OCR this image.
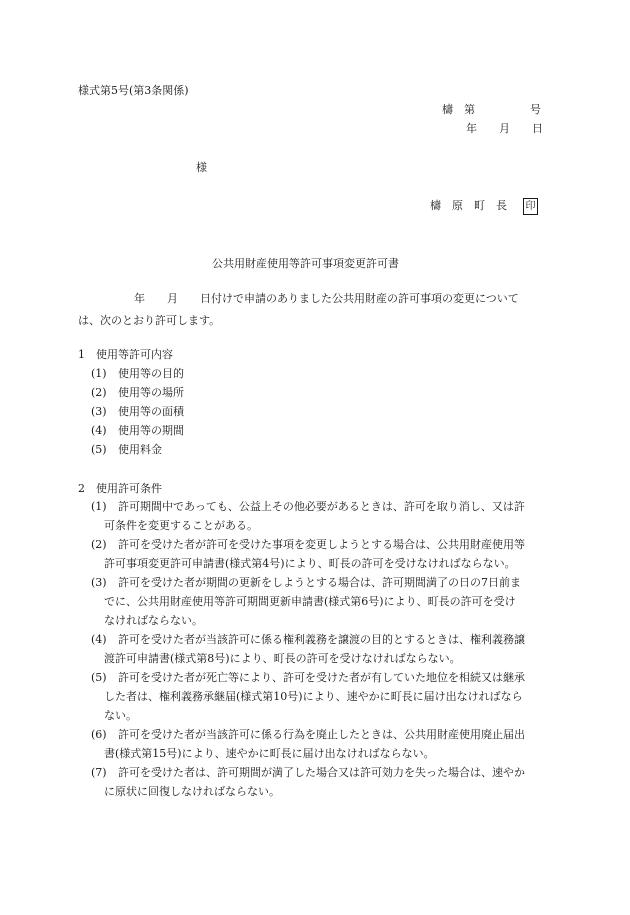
様式第5号(第3条関係)
檮　第　　　　　号
年　　月　　日
様
檮　原　町　長 印
公共用財産使用等許可事項変更許可書
年　　月　　日付けで申請のありました公共用財産の許可事項の変更について
は、次のとおり許可します。
1　使用等許可内容
(1) 使用等の目的
(2) 使用等の場所
(3) 使用等の面積
(4) 使用等の期間
(5) 使用料金
2　使用許可条件
(1) 許可期間中であっても、公益上その他必要があるときは、許可を取り消し、又は許
可条件を変更することがある。
(2) 許可を受けた者が許可を受けた事項を変更しようとする場合は、公共用財産使用等
許可事項変更許可申請書(様式第4号)により、町長の許可を受けなければならない。
(3) 許可を受けた者が期間の更新をしようとする場合は、許可期間満了の日の7日前ま
でに、公共用財産使用等許可期間更新申請書(様式第6号)により、町長の許可を受け
なければならない。
(4) 許可を受けた者が当該許可に係る権利義務を譲渡の目的とするときは、権利義務譲
渡許可申請書(様式第8号)により、町長の許可を受けなければならない。
(5) 許可を受けた者が死亡等により、許可を受けた者が有していた地位を相続又は継承
した者は、権利義務承継届(様式第10号)により、速やかに町長に届け出なければなら
ない。
(6) 許可を受けた者が当該許可に係る行為を廃止したときは、公共用財産使用廃止届出
書(様式第15号)により、速やかに町長に届け出なければならない。
(7) 許可を受けた者は、許可期間が満了した場合又は許可効力を失った場合は、速やか
に原状に回復しなければならない。
